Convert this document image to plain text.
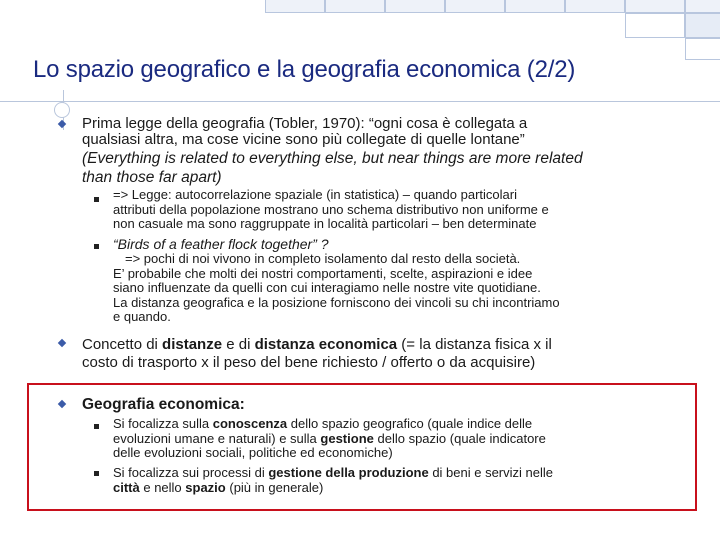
Lo spazio geografico e la geografia economica (2/2)
Prima legge della geografia (Tobler, 1970): “ogni cosa è collegata a
qualsiasi altra, ma cose vicine sono più collegate di quelle lontane”
(Everything is related to everything else, but near things are more related
than those far apart)
=> Legge: autocorrelazione spaziale (in statistica) – quando particolari
attributi della popolazione mostrano uno schema distributivo non uniforme e
non casuale ma sono raggruppate in località particolari – ben determinate
“Birds of a feather flock together” ?
=> pochi di noi vivono in completo isolamento dal resto della società.
E’ probabile che molti dei nostri comportamenti, scelte, aspirazioni e idee
siano influenzate da quelli con cui interagiamo nelle nostre vite quotidiane.
La distanza geografica e la posizione forniscono dei vincoli su chi incontriamo
e quando.
Concetto di distanze e di distanza economica (= la distanza fisica x il
costo di trasporto x il peso del bene richiesto / offerto o da acquisire)
Geografia economica:
Si focalizza sulla conoscenza dello spazio geografico (quale indice delle
evoluzioni umane e naturali) e sulla gestione dello spazio (quale indicatore
delle evoluzioni sociali, politiche ed economiche)
Si focalizza sui processi di gestione della produzione di beni e servizi nelle
città e nello spazio (più in generale)
